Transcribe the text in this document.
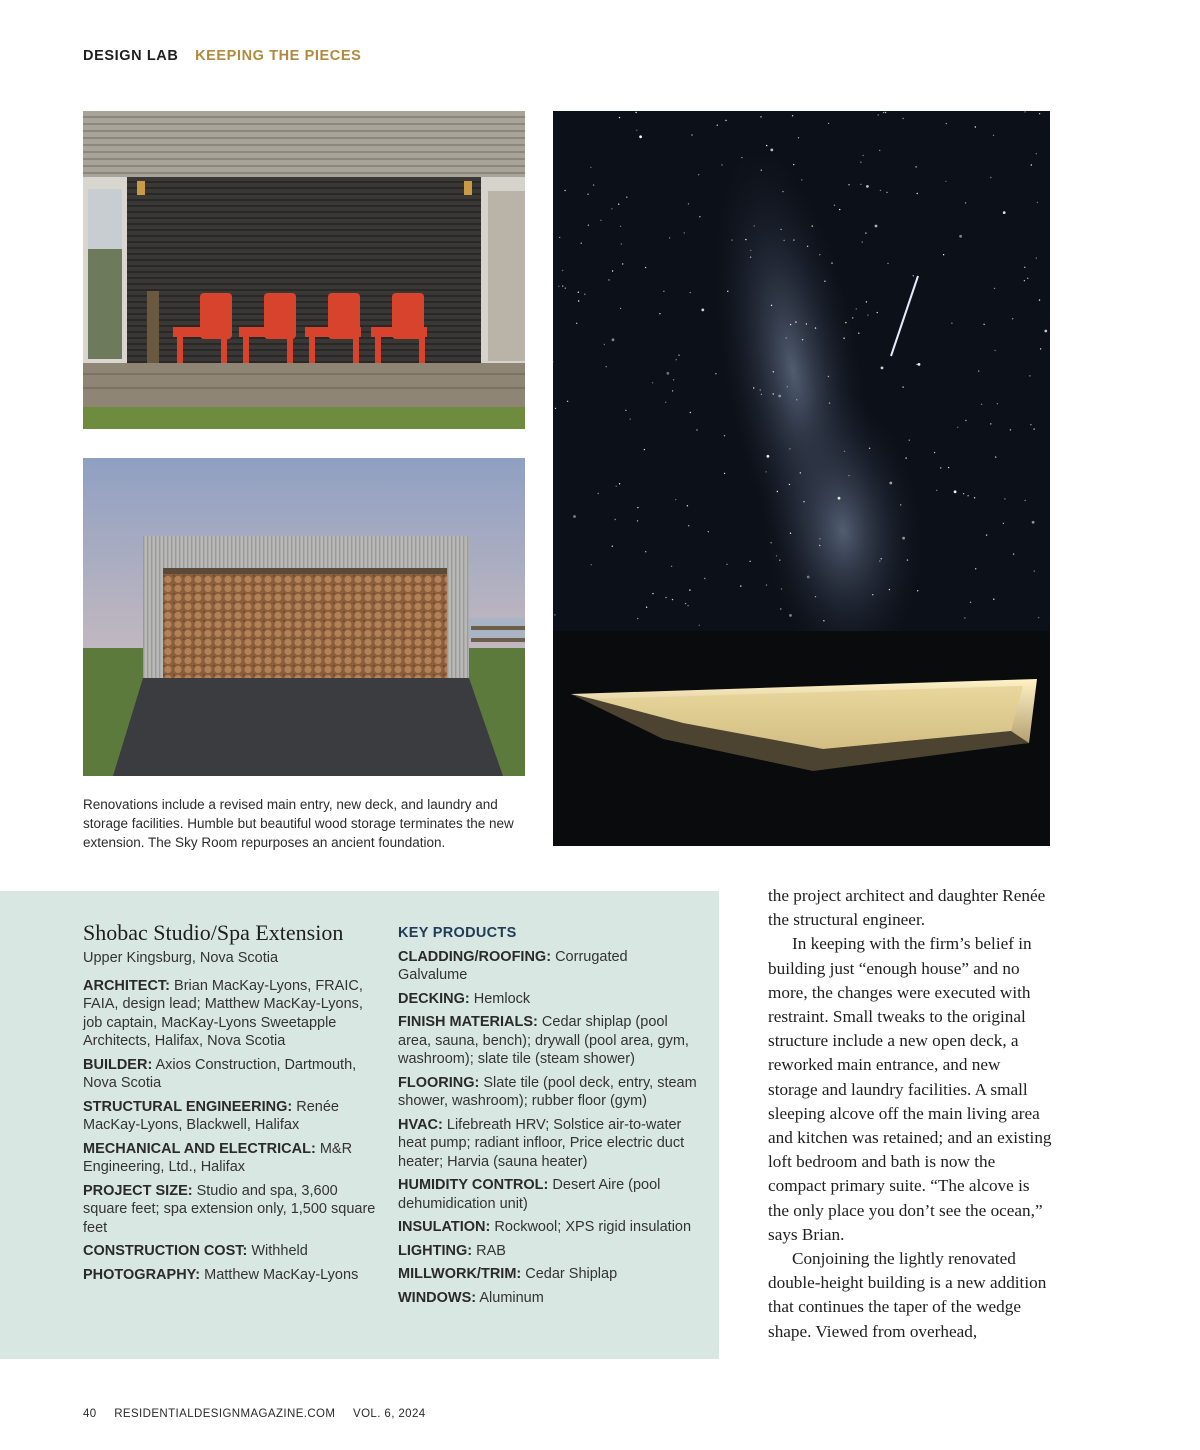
DESIGN LAB KEEPING THE PIECES
Renovations include a revised main entry, new deck, and laundry and storage facilities. Humble but beautiful wood storage terminates the new extension. The Sky Room repurposes an ancient foundation.
Shobac Studio/Spa Extension
Upper Kingsburg, Nova Scotia
ARCHITECT: Brian MacKay-Lyons, FRAIC, FAIA, design lead; Matthew MacKay-Lyons, job captain, MacKay-Lyons Sweetapple Architects, Halifax, Nova Scotia
BUILDER: Axios Construction, Dartmouth, Nova Scotia
STRUCTURAL ENGINEERING: Renée MacKay-Lyons, Blackwell, Halifax
MECHANICAL AND ELECTRICAL: M&R Engineering, Ltd., Halifax
PROJECT SIZE: Studio and spa, 3,600 square feet; spa extension only, 1,500 square feet
CONSTRUCTION COST: Withheld
PHOTOGRAPHY: Matthew MacKay-Lyons
KEY PRODUCTS
CLADDING/ROOFING: Corrugated Galvalume
DECKING: Hemlock
FINISH MATERIALS: Cedar shiplap (pool area, sauna, bench); drywall (pool area, gym, washroom); slate tile (steam shower)
FLOORING: Slate tile (pool deck, entry, steam shower, washroom); rubber floor (gym)
HVAC: Lifebreath HRV; Solstice air-to-water heat pump; radiant infloor, Price electric duct heater; Harvia (sauna heater)
HUMIDITY CONTROL: Desert Aire (pool dehumidication unit)
INSULATION: Rockwool; XPS rigid insulation
LIGHTING: RAB
MILLWORK/TRIM: Cedar Shiplap
WINDOWS: Aluminum

the project architect and daughter Renée the structural engineer.

In keeping with the firm’s belief in building just “enough house” and no more, the changes were executed with restraint. Small tweaks to the original structure include a new open deck, a reworked main entrance, and new storage and laundry facilities. A small sleeping alcove off the main living area and kitchen was retained; and an existing loft bedroom and bath is now the compact primary suite. “The alcove is the only place you don’t see the ocean,” says Brian.

Conjoining the lightly renovated double-height building is a new addition that continues the taper of the wedge shape. Viewed from overhead,

40 RESIDENTIALDESIGNMAGAZINE.COM VOL. 6, 2024
